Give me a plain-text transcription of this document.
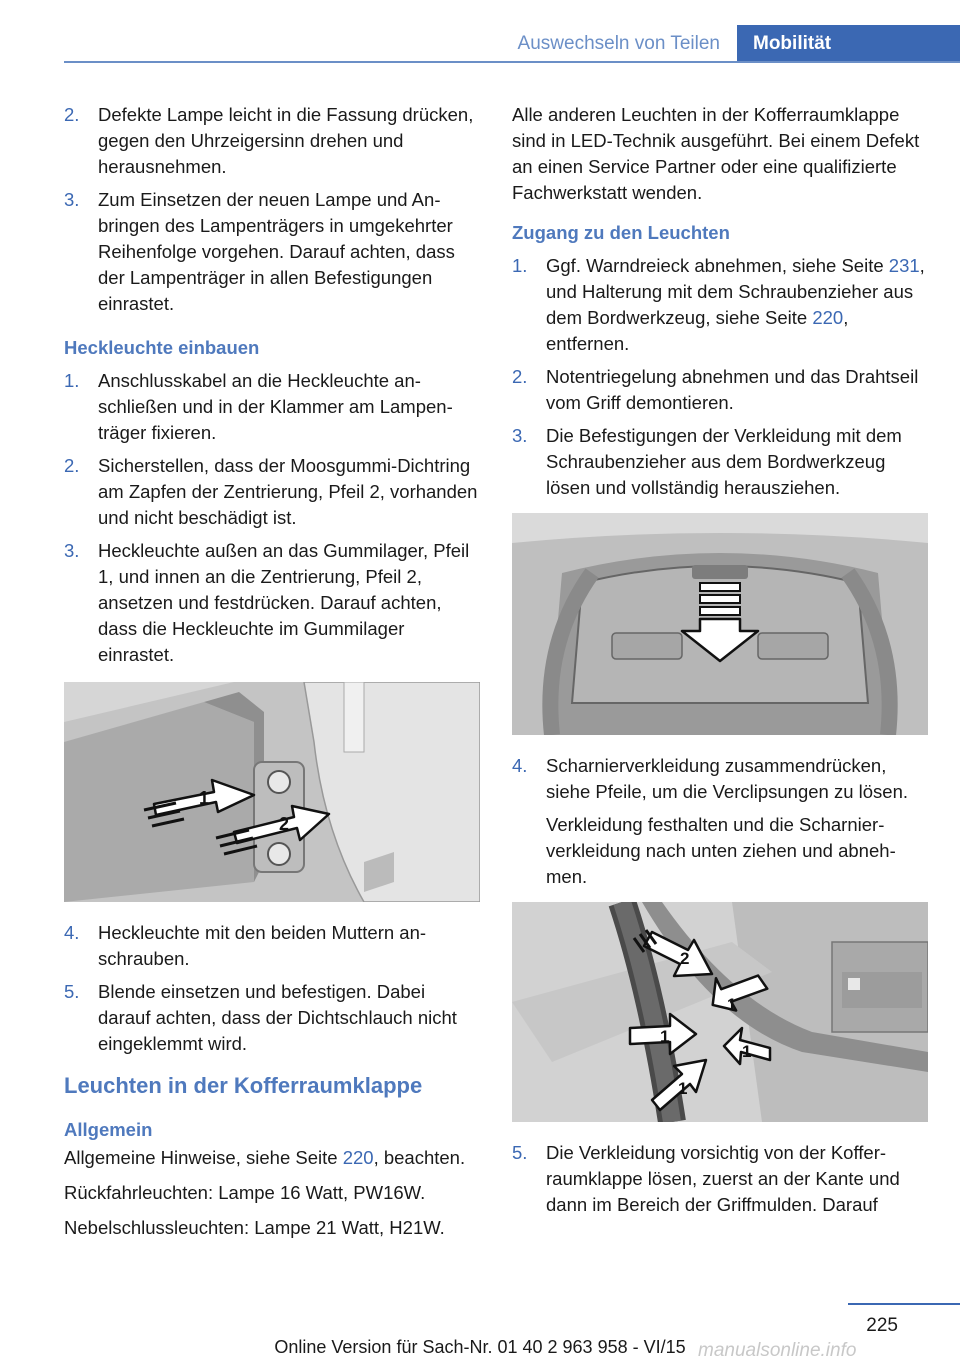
Auswechseln von Teilen	Mobilität
2.	Defekte Lampe leicht in die Fassung drücken, gegen den Uhrzeigersinn drehen und herausnehmen.
3.	Zum Einsetzen der neuen Lampe und Anbringen des Lampenträgers in umgekehrter Reihenfolge vorgehen. Darauf achten, dass der Lampenträger in allen Befestigungen einrastet.
Heckleuchte einbauen
1.	Anschlusskabel an die Heckleuchte anschließen und in der Klammer am Lampenträger fixieren.
2.	Sicherstellen, dass der Moosgummi-Dichtring am Zapfen der Zentrierung, Pfeil 2, vorhanden und nicht beschädigt ist.
3.	Heckleuchte außen an das Gummilager, Pfeil 1, und innen an die Zentrierung, Pfeil 2, ansetzen und festdrücken. Darauf achten, dass die Heckleuchte im Gummilager einrastet.
1
2
4.	Heckleuchte mit den beiden Muttern anschrauben.
5.	Blende einsetzen und befestigen. Dabei darauf achten, dass der Dichtschlauch nicht eingeklemmt wird.
Leuchten in der Kofferraumklappe
Allgemein
Allgemeine Hinweise, siehe Seite 220, beachten.
Rückfahrleuchten: Lampe 16 Watt, PW16W.
Nebelschlussleuchten: Lampe 21 Watt, H21W.
Alle anderen Leuchten in der Kofferraumklappe sind in LED-Technik ausgeführt. Bei einem Defekt an einen Service Partner oder eine qualifizierte Fachwerkstatt wenden.
Zugang zu den Leuchten
1.	Ggf. Warndreieck abnehmen, siehe Seite 231, und Halterung mit dem Schraubenzieher aus dem Bordwerkzeug, siehe Seite 220, entfernen.
2.	Notentriegelung abnehmen und das Drahtseil vom Griff demontieren.
3.	Die Befestigungen der Verkleidung mit dem Schraubenzieher aus dem Bordwerkzeug lösen und vollständig herausziehen.
4.	Scharnierverkleidung zusammendrücken, siehe Pfeile, um die Verclipsungen zu lösen.
Verkleidung festhalten und die Scharnierverkleidung nach unten ziehen und abnehmen.
2
1
1
1
1
5.	Die Verkleidung vorsichtig von der Kofferraumklappe lösen, zuerst an der Kante und dann im Bereich der Griffmulden. Darauf
225
Online Version für Sach-Nr. 01 40 2 963 958 - VI/15 manualsonline.info
